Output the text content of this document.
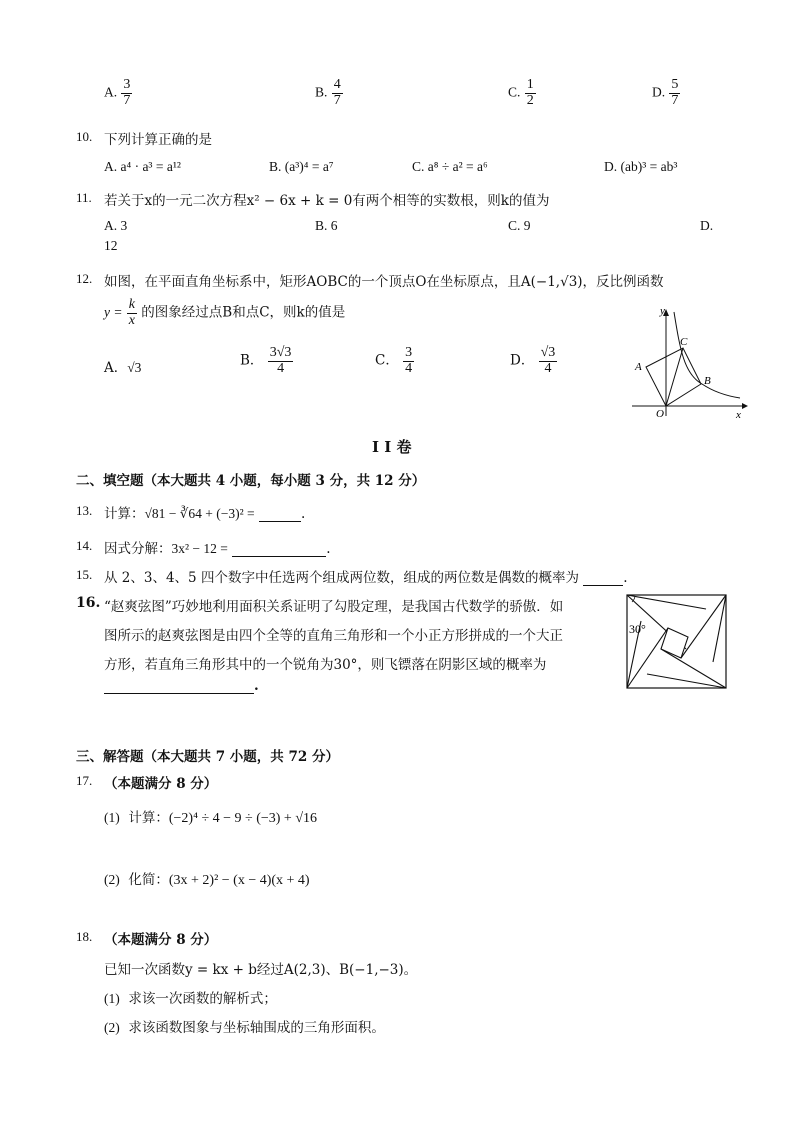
A. $\frac{3}{7}$	B. $\frac{4}{7}$	C. $\frac{1}{2}$	D. $\frac{5}{7}$
10. 下列计算正确的是
A. a⁴ · a³ = a¹²	B. (a³)⁴ = a⁷	C. a⁸ ÷ a² = a⁶	D. (ab)³ = ab³
11. 若关于x的一元二次方程x² − 6x + k = 0有两个相等的实数根，则k的值为
A. 3	B. 6	C. 9	D.
12
12. 如图，在平面直角坐标系中，矩形AOBC的一个顶点O在坐标原点，且A(−1,√3)，反比例函数
$y = \frac{k}{x}$ 的图象经过点B和点C，则k的值是
A．√3	B． $\frac{3√3}{4}$	C． $\frac{3}{4}$	D． $\frac{√3}{4}$
y
x
O
A
B
C
I I 卷
二、填空题（本大题共 4 小题，每小题 3 分，共 12 分）
13. 计算：√81 − ∛64 + (−3)² =	.
14. 因式分解：3x² − 12 =	.
15. 从 2、3、4、5 四个数字中任选两个组成两位数，组成的两位数是偶数的概率为	.
16. “赵爽弦图”巧妙地利用面积关系证明了勾股定理，是我国古代数学的骄傲．如
图所示的赵爽弦图是由四个全等的直角三角形和一个小正方形拼成的一个大正
方形，若直角三角形其中的一个锐角为30°，则飞镖落在阴影区域的概率为
.
30°
三、解答题（本大题共 7 小题，共 72 分）
17. （本题满分 8 分）
(1) 计算：(−2)⁴ ÷ 4 − 9 ÷ (−3) + √16
(2) 化简：(3x + 2)² − (x − 4)(x + 4)
18. （本题满分 8 分）
已知一次函数y = kx + b经过A(2,3)、B(−1,−3)。
(1) 求该一次函数的解析式；
(2) 求该函数图象与坐标轴围成的三角形面积。
